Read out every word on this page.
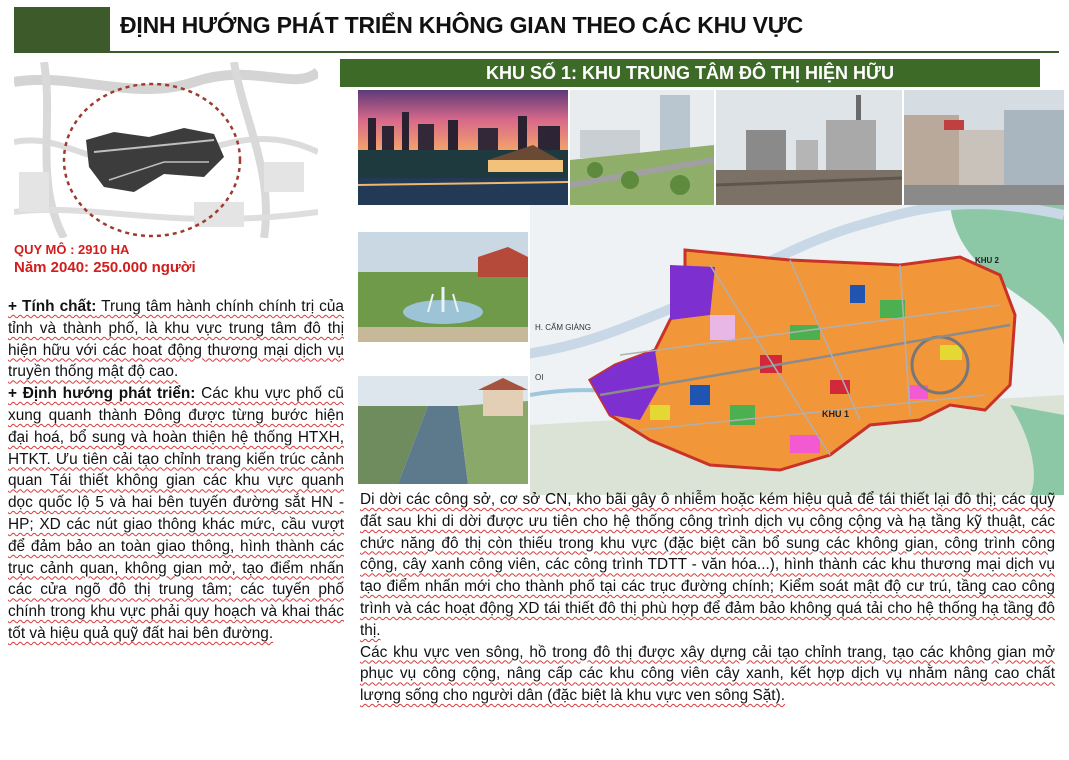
ĐỊNH HƯỚNG PHÁT TRIỂN KHÔNG GIAN THEO CÁC KHU VỰC
KHU SỐ 1: KHU TRUNG TÂM ĐÔ THỊ HIỆN HỮU
QUY MÔ : 2910 HA
Năm 2040: 250.000 người

+ Tính chất: Trung tâm hành chính chính trị của tỉnh và thành phố, là khu vực trung tâm đô thị hiện hữu với các hoat động thương mại dịch vụ truyền thống mật độ cao.

+ Định hướng phát triển: Các khu vực phố cũ xung quanh thành Đông được từng bước hiện đại hoá, bổ sung và hoàn thiện hệ thống HTXH, HTKT. Ưu tiên cải tạo chỉnh trang kiến trúc cảnh quan Tái thiết không gian các khu vực quanh dọc quốc lộ 5 và hai bên tuyến đường sắt HN - HP; XD các nút giao thông khác mức, cầu vượt để đảm bảo an toàn giao thông, hình thành các trục cảnh quan, không gian mở, tạo điểm nhấn các cửa ngõ đô thị trung tâm; các tuyến phố chính trong khu vực phải quy hoạch và khai thác tốt và hiệu quả quỹ đất hai bên đường.

H. CẨM GIÀNG
OI
KHU 1
KHU 2

Di dời các công sở, cơ sở CN, kho bãi gây ô nhiễm hoặc kém hiệu quả để tái thiết lại đô thị; các quỹ đất sau khi di dời được ưu tiên cho hệ thống công trình dịch vụ công cộng và hạ tầng kỹ thuật, các chức năng đô thị còn thiếu trong khu vực (đặc biệt cần bổ sung các không gian, công trình công cộng, cây xanh công viên, các công trình TDTT - văn hóa...), hình thành các khu thương mại dịch vụ tạo điểm nhấn mới cho thành phố tại các trục đường chính; Kiểm soát mật độ cư trú, tầng cao công trình và các hoạt động XD tái thiết đô thị phù hợp để đảm bảo không quá tải cho hệ thống hạ tầng đô thị.

Các khu vực ven sông, hồ trong đô thị được xây dựng cải tạo chỉnh trang, tạo các không gian mở phục vụ công cộng, nâng cấp các khu công viên cây xanh, kết hợp dịch vụ nhằm nâng cao chất lượng sống cho người dân (đặc biệt là khu vực ven sông Sặt).
